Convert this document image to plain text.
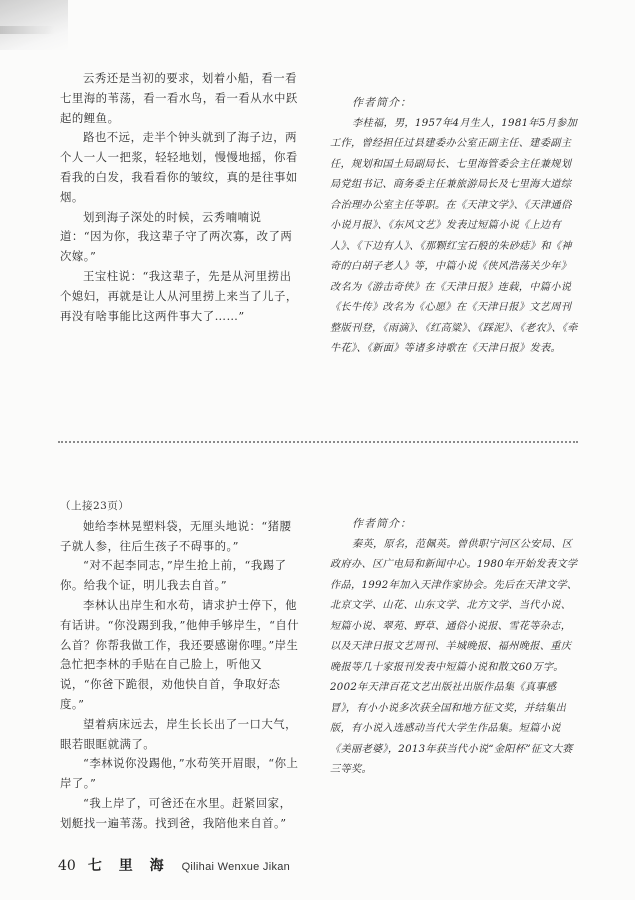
云秀还是当初的要求，划着小船，看一看七里海的苇荡，看一看水鸟，看一看从水中跃起的鲤鱼。

路也不远，走半个钟头就到了海子边，两个人一人一把浆，轻轻地划，慢慢地摇，你看看我的白发，我看看你的皱纹，真的是往事如烟。

划到海子深处的时候，云秀喃喃说道：“因为你，我这辈子守了两次寡，改了两次嫁。”

王宝柱说：“我这辈子，先是从河里捞出个媳妇，再就是让人从河里捞上来当了儿子，再没有啥事能比这两件事大了……”

作者简介：

李桂福，男，1957年4月生人，1981年5月参加工作，曾经担任过县建委办公室正副主任、建委副主任，规划和国土局副局长、七里海管委会主任兼规划局党组书记、商务委主任兼旅游局长及七里海大道综合治理办公室主任等职。在《天津文学》、《天津通俗小说月报》、《东风文艺》发表过短篇小说《上边有人》、《下边有人》、《那颗红宝石般的朱砂痣》和《神奇的白胡子老人》等，中篇小说《侠风浩荡关少年》改名为《游击奇侠》在《天津日报》连载，中篇小说《长牛传》改名为《心愿》在《天津日报》文艺周刊整版刊登，《雨滴》、《红高粱》、《踩泥》、《老农》、《牵牛花》、《新面》等诸多诗歌在《天津日报》发表。

（上接23页）

她给李林晃塑料袋，无厘头地说：“猪腰子就人参，往后生孩子不碍事的。”

“对不起李同志，”岸生抢上前，“我踢了你。给我个证，明儿我去自首。”

李林认出岸生和水苟，请求护士停下，他有话讲。“你没踢到我，”他伸手够岸生，“自什么首？你帮我做工作，我还要感谢你哩。”岸生急忙把李林的手贴在自己脸上，听他又说，“你爸下跪很，劝他快自首，争取好态度。”

望着病床远去，岸生长长出了一口大气，眼若眼眶就满了。

“李林说你没踢他，”水苟笑开眉眼，“你上岸了。”

“我上岸了，可爸还在水里。赶紧回家，划艇找一遍苇荡。找到爸，我陪他来自首。”

作者简介：

秦英，原名，范佩英。曾供职宁河区公安局、区政府办、区广电局和新闻中心。1980年开始发表文学作品，1992年加入天津作家协会。先后在天津文学、北京文学、山花、山东文学、北方文学、当代小说、短篇小说、翠苑、野草、通俗小说报、雪花等杂志，以及天津日报文艺周刊、羊城晚报、福州晚报、重庆晚报等几十家报刊发表中短篇小说和散文60万字。2002年天津百花文艺出版社出版作品集《真事感冒》，有小小说多次获全国和地方征文奖，并结集出版，有小说入选感动当代大学生作品集。短篇小说《美丽老婆》，2013年获当代小说“金阳杯”征文大赛三等奖。

40 七 里 海 Qilihai Wenxue Jikan
